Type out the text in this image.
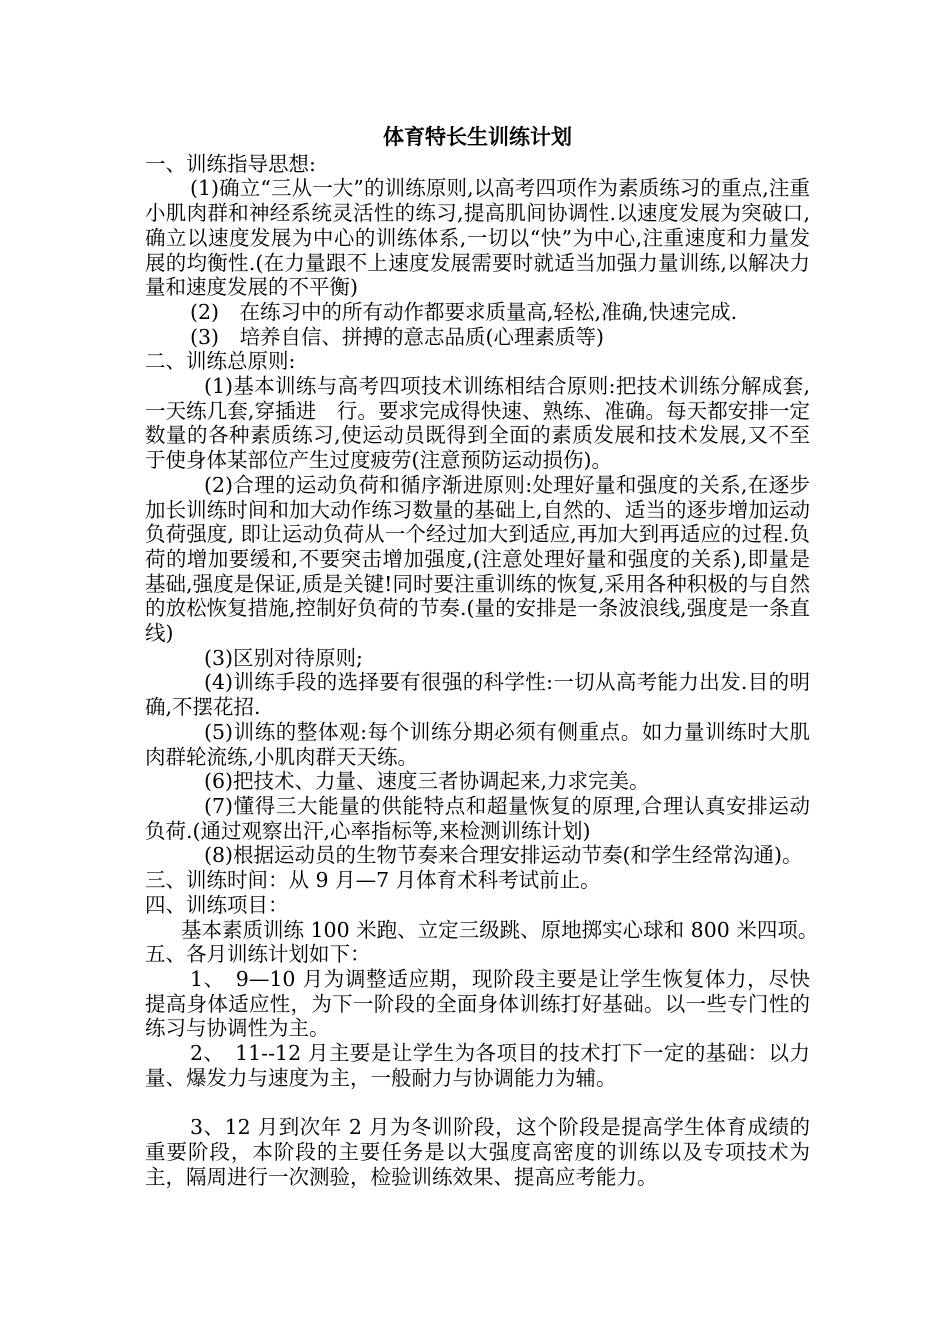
体育特长生训练计划

一、训练指导思想:

(1)确立“三从一大”的训练原则,以高考四项作为素质练习的重点,注重小肌肉群和神经系统灵活性的练习,提高肌间协调性.以速度发展为突破口,确立以速度发展为中心的训练体系,一切以“快”为中心,注重速度和力量发展的均衡性.(在力量跟不上速度发展需要时就适当加强力量训练,以解决力量和速度发展的不平衡)

(2)　在练习中的所有动作都要求质量高,轻松,准确,快速完成.

(3)　培养自信、拼搏的意志品质(心理素质等)

二、训练总原则:

(1)基本训练与高考四项技术训练相结合原则:把技术训练分解成套,一天练几套,穿插进　行。要求完成得快速、熟练、准确。每天都安排一定数量的各种素质练习,使运动员既得到全面的素质发展和技术发展,又不至于使身体某部位产生过度疲劳(注意预防运动损伤)。

(2)合理的运动负荷和循序渐进原则:处理好量和强度的关系,在逐步加长训练时间和加大动作练习数量的基础上,自然的、适当的逐步增加运动负荷强度, 即让运动负荷从一个经过加大到适应,再加大到再适应的过程.负荷的增加要缓和,不要突击增加强度,(注意处理好量和强度的关系),即量是基础,强度是保证,质是关键!同时要注重训练的恢复,采用各种积极的与自然的放松恢复措施,控制好负荷的节奏.(量的安排是一条波浪线,强度是一条直线)

(3)区别对待原则;

(4)训练手段的选择要有很强的科学性:一切从高考能力出发.目的明确,不摆花招.

(5)训练的整体观:每个训练分期必须有侧重点。如力量训练时大肌肉群轮流练,小肌肉群天天练。

(6)把技术、力量、速度三者协调起来,力求完美。

(7)懂得三大能量的供能特点和超量恢复的原理,合理认真安排运动负荷.(通过观察出汗,心率指标等,来检测训练计划)

(8)根据运动员的生物节奏来合理安排运动节奏(和学生经常沟通)。

三、训练时间：从 9 月—7 月体育术科考试前止。

四、训练项目：

基本素质训练 100 米跑、立定三级跳、原地掷实心球和 800 米四项。

五、各月训练计划如下：

1、　9—10 月为调整适应期，现阶段主要是让学生恢复体力，尽快提高身体适应性，为下一阶段的全面身体训练打好基础。以一些专门性的练习与协调性为主。

2、　11--12 月主要是让学生为各项目的技术打下一定的基础：以力量、爆发力与速度为主，一般耐力与协调能力为辅。

3、12 月到次年 2 月为冬训阶段，这个阶段是提高学生体育成绩的重要阶段，本阶段的主要任务是以大强度高密度的训练以及专项技术为主，隔周进行一次测验，检验训练效果、提高应考能力。
